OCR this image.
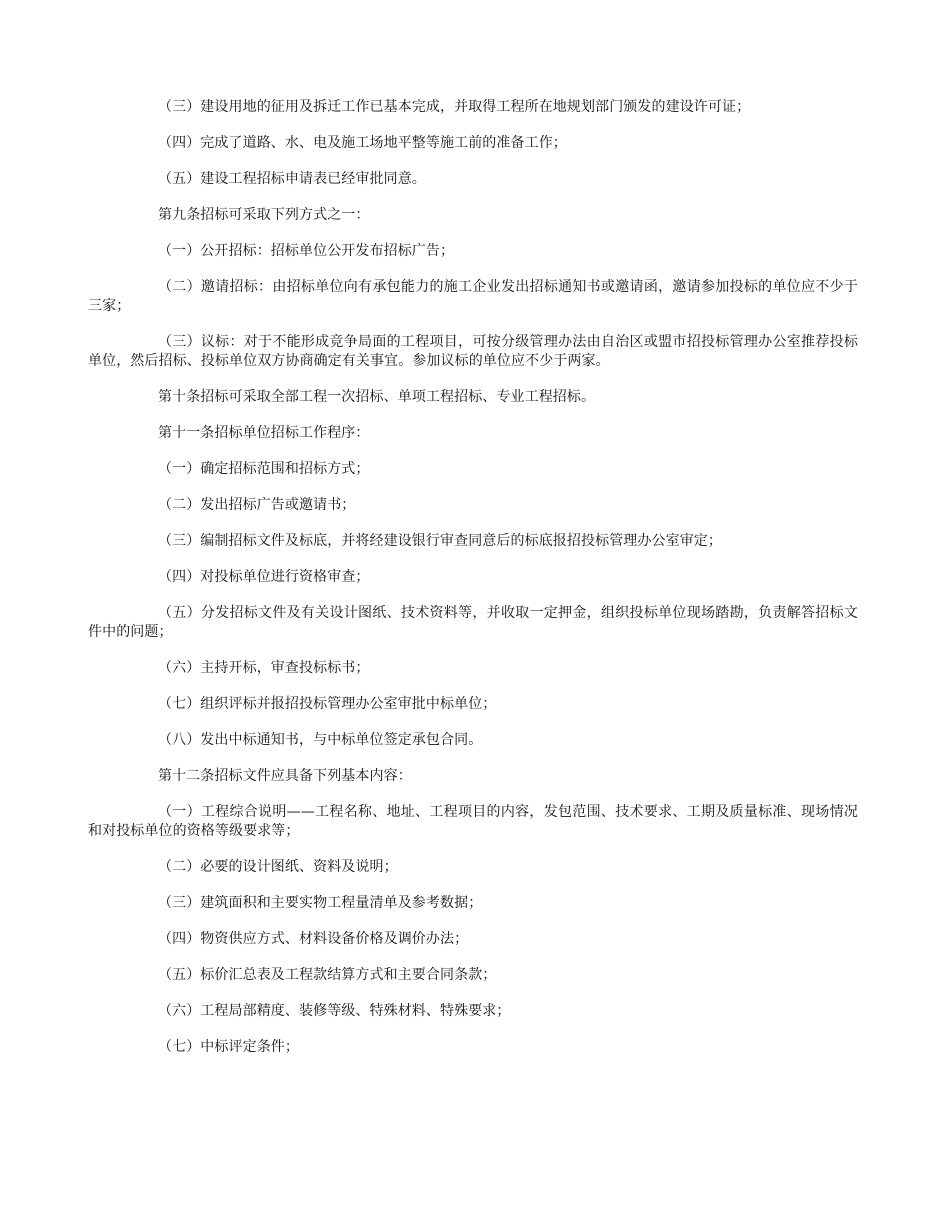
（三）建设用地的征用及拆迁工作已基本完成，并取得工程所在地规划部门颁发的建设许可证；

（四）完成了道路、水、电及施工场地平整等施工前的准备工作；

（五）建设工程招标申请表已经审批同意。

第九条招标可采取下列方式之一：

（一）公开招标：招标单位公开发布招标广告；

（二）邀请招标：由招标单位向有承包能力的施工企业发出招标通知书或邀请函，邀请参加投标的单位应不少于三家；

（三）议标：对于不能形成竞争局面的工程项目，可按分级管理办法由自治区或盟市招投标管理办公室推荐投标单位，然后招标、投标单位双方协商确定有关事宜。参加议标的单位应不少于两家。

第十条招标可采取全部工程一次招标、单项工程招标、专业工程招标。

第十一条招标单位招标工作程序：

（一）确定招标范围和招标方式；

（二）发出招标广告或邀请书；

（三）编制招标文件及标底，并将经建设银行审查同意后的标底报招投标管理办公室审定；

（四）对投标单位进行资格审查；

（五）分发招标文件及有关设计图纸、技术资料等，并收取一定押金，组织投标单位现场踏勘，负责解答招标文件中的问题；

（六）主持开标，审查投标标书；

（七）组织评标并报招投标管理办公室审批中标单位；

（八）发出中标通知书，与中标单位签定承包合同。

第十二条招标文件应具备下列基本内容：

（一）工程综合说明——工程名称、地址、工程项目的内容，发包范围、技术要求、工期及质量标准、现场情况和对投标单位的资格等级要求等；

（二）必要的设计图纸、资料及说明；

（三）建筑面积和主要实物工程量清单及参考数据；

（四）物资供应方式、材料设备价格及调价办法；

（五）标价汇总表及工程款结算方式和主要合同条款；

（六）工程局部精度、装修等级、特殊材料、特殊要求；

（七）中标评定条件；
